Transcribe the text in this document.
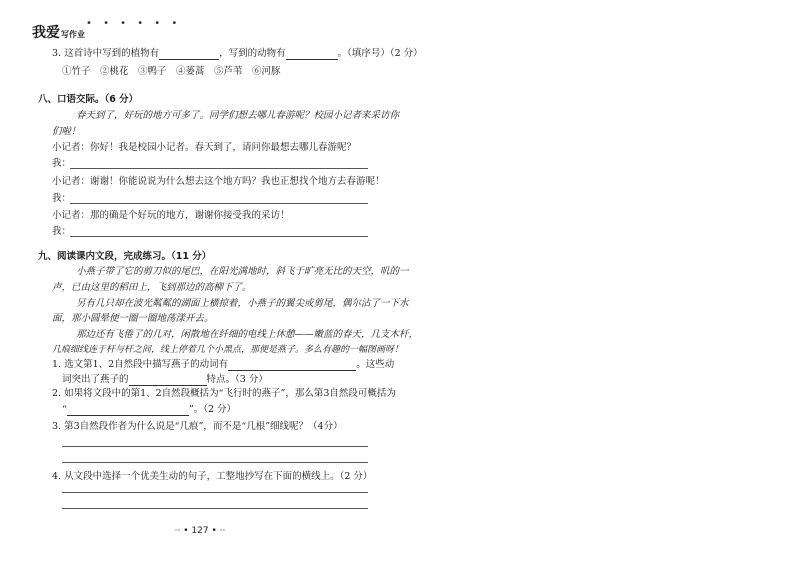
我爱写作业
• • • • • •
3. 这首诗中写到的植物有	，写到的动物有	。（填序号）（2 分）
①竹子　②桃花　③鸭子　④蒌蒿　⑤芦苇　⑥河豚
八、口语交际。（6 分）
春天到了，好玩的地方可多了。同学们想去哪儿春游呢？校园小记者来采访你
们啦！
小记者：你好！我是校园小记者。春天到了，请问你最想去哪儿春游呢？
我：
小记者：谢谢！你能说说为什么想去这个地方吗？我也正想找个地方去春游呢！
我：
小记者：那的确是个好玩的地方，谢谢你接受我的采访！
我：
九、阅读课内文段，完成练习。（11 分）
小燕子带了它的剪刀似的尾巴，在阳光满地时，斜飞于旷亮无比的天空，叽的一
声，已由这里的稻田上，飞到那边的高柳下了。
另有几只却在波光粼粼的湖面上横掠着，小燕子的翼尖或剪尾，偶尔沾了一下水
面，那小圆晕便一圈一圈地荡漾开去。
那边还有飞倦了的几对，闲散地在纤细的电线上休憩——嫩蓝的春天，几支木杆，
几痕细线连于杆与杆之间，线上停着几个小黑点，那便是燕子。多么有趣的一幅图画呀！
1. 选文第1、2自然段中描写燕子的动词有	。这些动
词突出了燕子的	特点。（3 分）
2. 如果将文段中的第1、2自然段概括为“飞行时的燕子”，那么第3自然段可概括为
“	”。（2 分）
3. 第3自然段作者为什么说是“几痕”，而不是“几根”细线呢？（4分）
4. 从文段中选择一个优美生动的句子，工整地抄写在下面的横线上。（2 分）
·· • 127 • ··
